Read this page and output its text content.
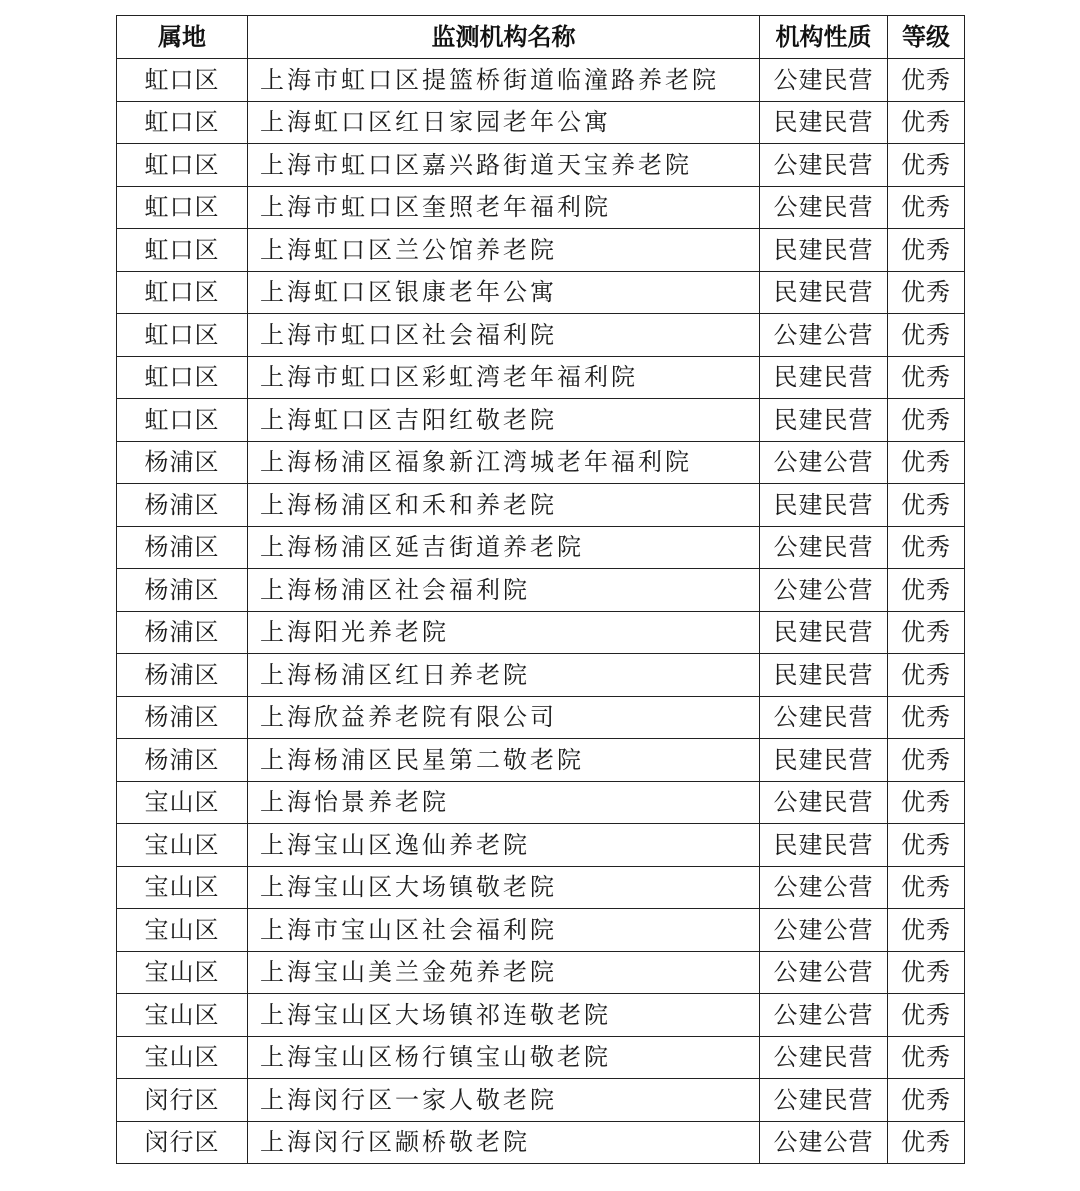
属地	监测机构名称	机构性质	等级
虹口区	上海市虹口区提篮桥街道临潼路养老院	公建民营	优秀
虹口区	上海虹口区红日家园老年公寓	民建民营	优秀
虹口区	上海市虹口区嘉兴路街道天宝养老院	公建民营	优秀
虹口区	上海市虹口区奎照老年福利院	公建民营	优秀
虹口区	上海虹口区兰公馆养老院	民建民营	优秀
虹口区	上海虹口区银康老年公寓	民建民营	优秀
虹口区	上海市虹口区社会福利院	公建公营	优秀
虹口区	上海市虹口区彩虹湾老年福利院	民建民营	优秀
虹口区	上海虹口区吉阳红敬老院	民建民营	优秀
杨浦区	上海杨浦区福象新江湾城老年福利院	公建公营	优秀
杨浦区	上海杨浦区和禾和养老院	民建民营	优秀
杨浦区	上海杨浦区延吉街道养老院	公建民营	优秀
杨浦区	上海杨浦区社会福利院	公建公营	优秀
杨浦区	上海阳光养老院	民建民营	优秀
杨浦区	上海杨浦区红日养老院	民建民营	优秀
杨浦区	上海欣益养老院有限公司	公建民营	优秀
杨浦区	上海杨浦区民星第二敬老院	民建民营	优秀
宝山区	上海怡景养老院	公建民营	优秀
宝山区	上海宝山区逸仙养老院	民建民营	优秀
宝山区	上海宝山区大场镇敬老院	公建公营	优秀
宝山区	上海市宝山区社会福利院	公建公营	优秀
宝山区	上海宝山美兰金苑养老院	公建公营	优秀
宝山区	上海宝山区大场镇祁连敬老院	公建公营	优秀
宝山区	上海宝山区杨行镇宝山敬老院	公建民营	优秀
闵行区	上海闵行区一家人敬老院	公建民营	优秀
闵行区	上海闵行区颛桥敬老院	公建公营	优秀
